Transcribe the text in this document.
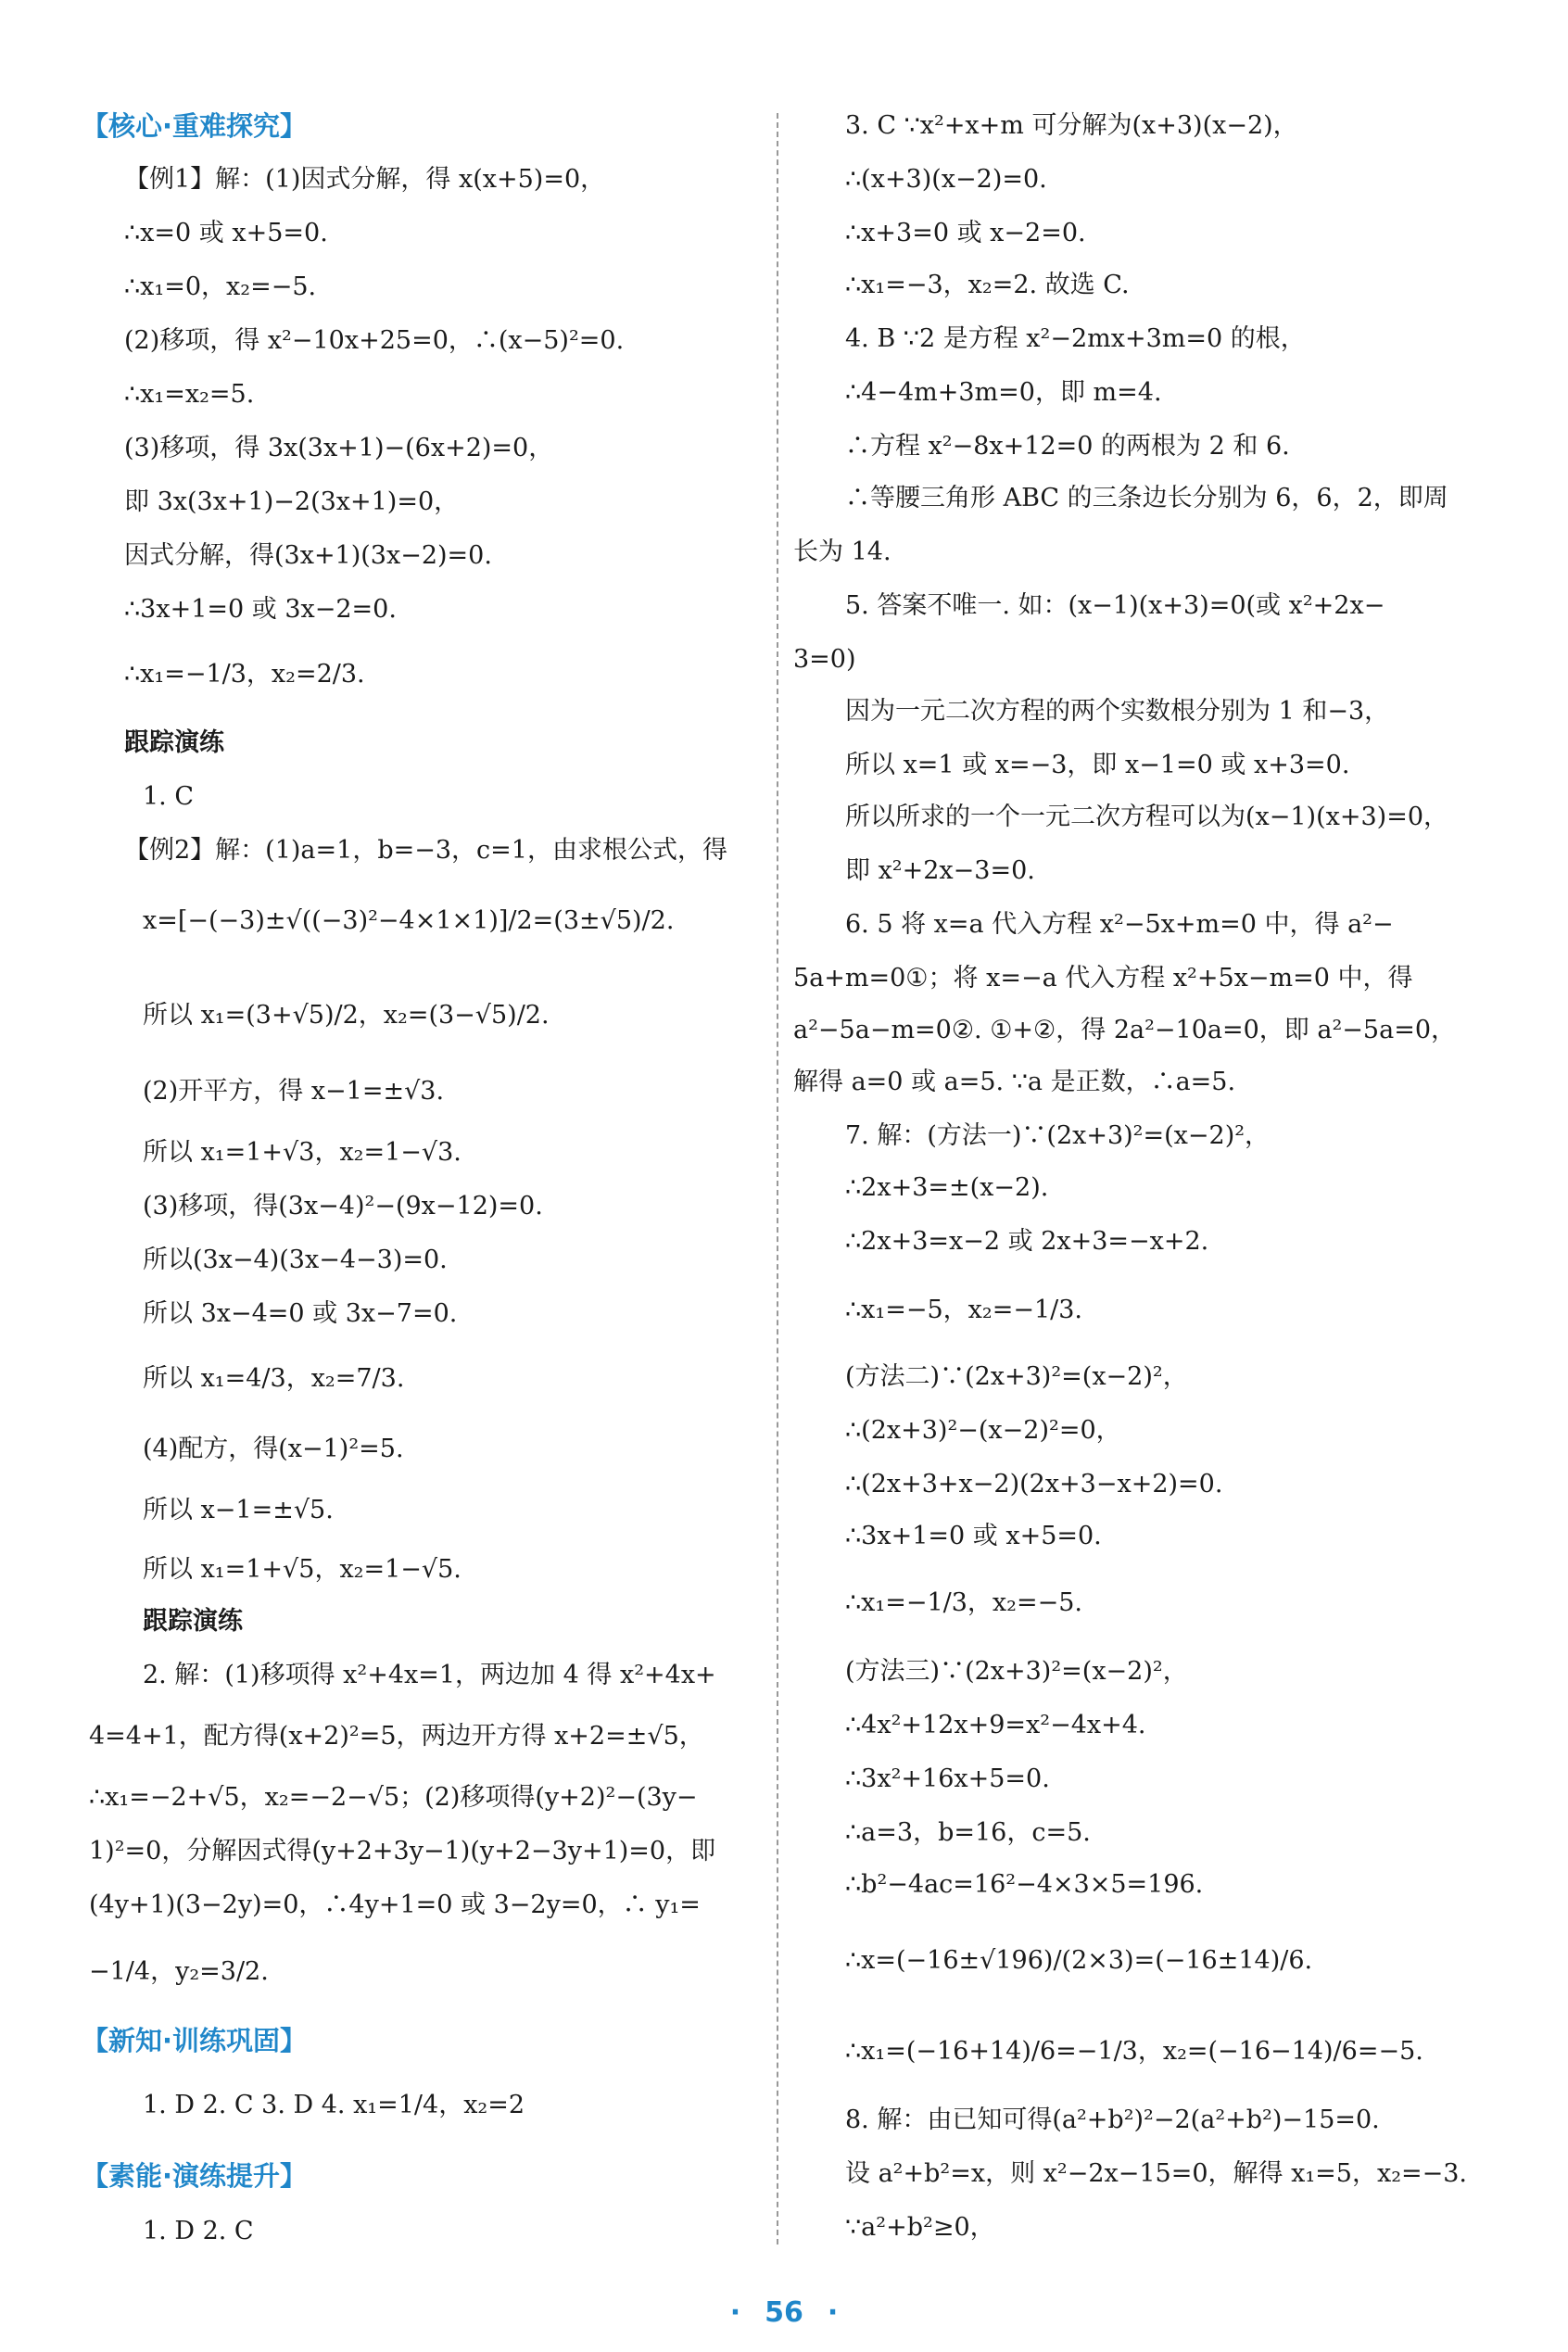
【核心·重难探究】
【例1】解：(1)因式分解，得 x(x+5)=0，
∴x=0 或 x+5=0.
∴x₁=0，x₂=−5.
(2)移项，得 x²−10x+25=0，∴(x−5)²=0.
∴x₁=x₂=5.
(3)移项，得 3x(3x+1)−(6x+2)=0，
即 3x(3x+1)−2(3x+1)=0，
因式分解，得(3x+1)(3x−2)=0.
∴3x+1=0 或 3x−2=0.
∴x₁=−1/3，x₂=2/3.
跟踪演练
1. C
【例2】解：(1)a=1，b=−3，c=1，由求根公式，得
x=[−(−3)±√((−3)²−4×1×1)]/2=(3±√5)/2.
所以 x₁=(3+√5)/2，x₂=(3−√5)/2.
(2)开平方，得 x−1=±√3.
所以 x₁=1+√3，x₂=1−√3.
(3)移项，得(3x−4)²−(9x−12)=0.
所以(3x−4)(3x−4−3)=0.
所以 3x−4=0 或 3x−7=0.
所以 x₁=4/3，x₂=7/3.
(4)配方，得(x−1)²=5.
所以 x−1=±√5.
所以 x₁=1+√5，x₂=1−√5.
跟踪演练
2. 解：(1)移项得 x²+4x=1，两边加 4 得 x²+4x+
4=4+1，配方得(x+2)²=5，两边开方得 x+2=±√5，
∴x₁=−2+√5，x₂=−2−√5；(2)移项得(y+2)²−(3y−
1)²=0，分解因式得(y+2+3y−1)(y+2−3y+1)=0，即
(4y+1)(3−2y)=0，∴4y+1=0 或 3−2y=0，∴ y₁=
−1/4，y₂=3/2.
【新知·训练巩固】
1. D 2. C 3. D 4. x₁=1/4，x₂=2
【素能·演练提升】
1. D 2. C
3. C ∵x²+x+m 可分解为(x+3)(x−2)，
∴(x+3)(x−2)=0.
∴x+3=0 或 x−2=0.
∴x₁=−3，x₂=2. 故选 C.
4. B ∵2 是方程 x²−2mx+3m=0 的根，
∴4−4m+3m=0，即 m=4.
∴方程 x²−8x+12=0 的两根为 2 和 6.
∴等腰三角形 ABC 的三条边长分别为 6，6，2，即周
长为 14.
5. 答案不唯一. 如：(x−1)(x+3)=0(或 x²+2x−
3=0)
因为一元二次方程的两个实数根分别为 1 和−3，
所以 x=1 或 x=−3，即 x−1=0 或 x+3=0.
所以所求的一个一元二次方程可以为(x−1)(x+3)=0，
即 x²+2x−3=0.
6. 5 将 x=a 代入方程 x²−5x+m=0 中，得 a²−
5a+m=0①；将 x=−a 代入方程 x²+5x−m=0 中，得
a²−5a−m=0②. ①+②，得 2a²−10a=0，即 a²−5a=0，
解得 a=0 或 a=5. ∵a 是正数，∴a=5.
7. 解：(方法一)∵(2x+3)²=(x−2)²，
∴2x+3=±(x−2).
∴2x+3=x−2 或 2x+3=−x+2.
∴x₁=−5，x₂=−1/3.
(方法二)∵(2x+3)²=(x−2)²，
∴(2x+3)²−(x−2)²=0，
∴(2x+3+x−2)(2x+3−x+2)=0.
∴3x+1=0 或 x+5=0.
∴x₁=−1/3，x₂=−5.
(方法三)∵(2x+3)²=(x−2)²，
∴4x²+12x+9=x²−4x+4.
∴3x²+16x+5=0.
∴a=3，b=16，c=5.
∴b²−4ac=16²−4×3×5=196.
∴x=(−16±√196)/(2×3)=(−16±14)/6.
∴x₁=(−16+14)/6=−1/3，x₂=(−16−14)/6=−5.
8. 解：由已知可得(a²+b²)²−2(a²+b²)−15=0.
设 a²+b²=x，则 x²−2x−15=0，解得 x₁=5，x₂=−3.
∵a²+b²≥0，
· 56 ·
